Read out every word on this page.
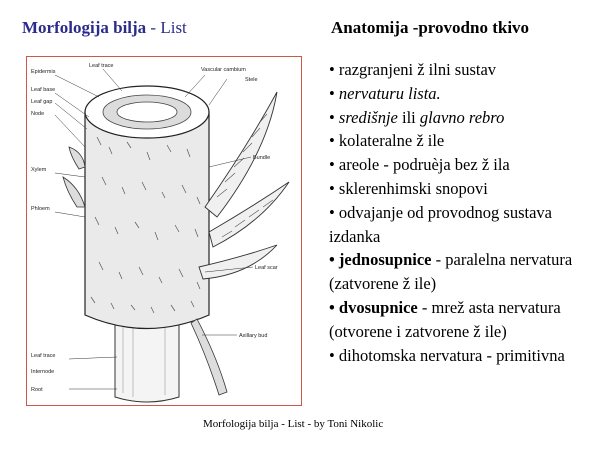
Morfologija bilja - List	Anatomija -provodno tkivo
Epidermis
Leaf trace
Vascular cambium
Stele
Leaf base
Leaf gap
Node
Xylem
Phloem
Bundle
Leaf scar
Axillary bud
Leaf trace
Internode
Root
• razgranjeni ž ilni sustav
• nervaturu lista.
• središnje ili glavno rebro
• kolateralne ž ile
• areole - podruèja bez ž ila
• sklerenhimski snopovi
• odvajanje od provodnog sustava izdanka
• jednosupnice - paralelna nervatura (zatvorene ž ile)
• dvosupnice - mrež asta nervatura (otvorene i zatvorene ž ile)
• dihotomska nervatura - primitivna
Morfologija bilja - List - by Toni Nikolic
